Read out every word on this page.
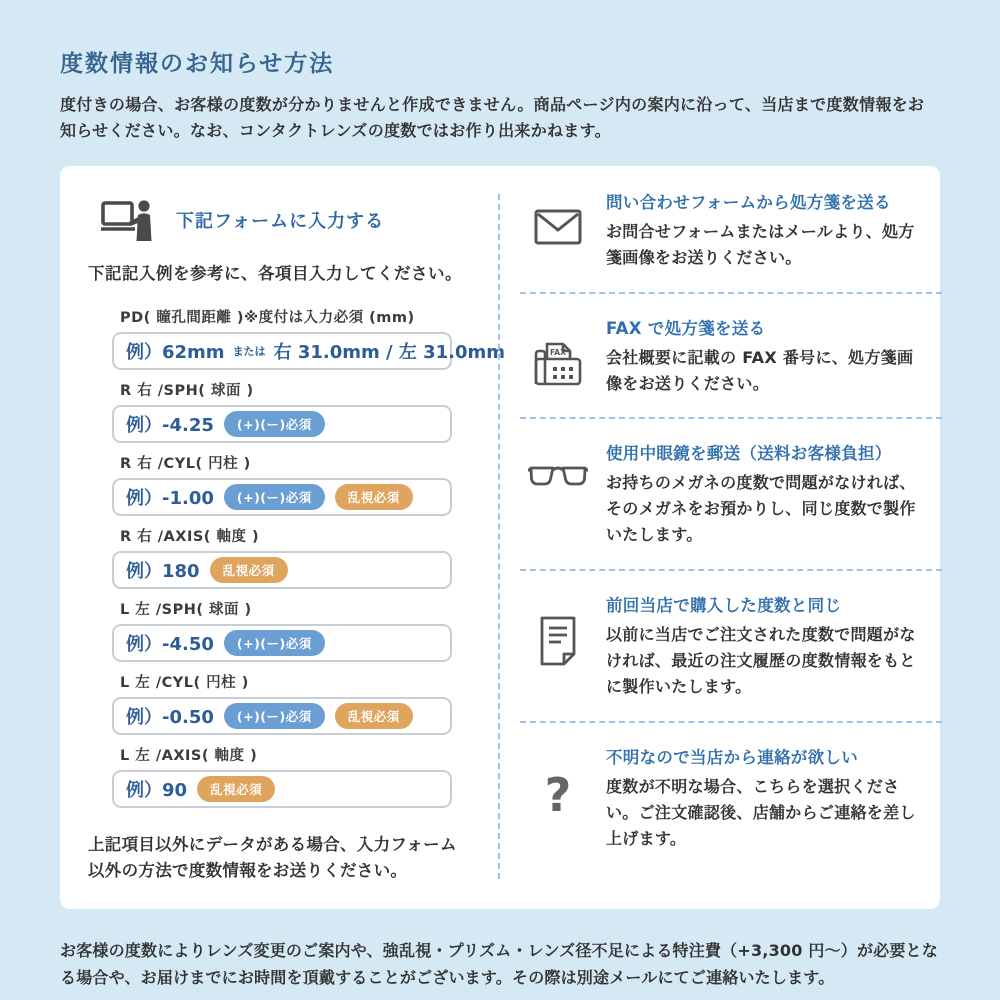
度数情報のお知らせ方法

度付きの場合、お客様の度数が分かりませんと作成できません。商品ページ内の案内に沿って、当店まで度数情報をお知らせください。なお、コンタクトレンズの度数ではお作り出来かねます。

下記フォームに入力する

下記記入例を参考に、各項目入力してください。

PD( 瞳孔間距離 )※度付は入力必須 (mm)
例）62mm または 右 31.0mm / 左 31.0mm
R 右 /SPH( 球面 )
例）-4.25	(+)(ー)必須
R 右 /CYL( 円柱 )
例）-1.00	(+)(ー)必須	乱視必須
R 右 /AXIS( 軸度 )
例）180	乱視必須
L 左 /SPH( 球面 )
例）-4.50	(+)(ー)必須
L 左 /CYL( 円柱 )
例）-0.50	(+)(ー)必須	乱視必須
L 左 /AXIS( 軸度 )
例）90	乱視必須

上記項目以外にデータがある場合、入力フォーム以外の方法で度数情報をお送りください。

問い合わせフォームから処方箋を送る
お問合せフォームまたはメールより、処方箋画像をお送りください。
FAX
FAX で処方箋を送る
会社概要に記載の FAX 番号に、処方箋画像をお送りください。
使用中眼鏡を郵送（送料お客様負担）
お持ちのメガネの度数で問題がなければ、そのメガネをお預かりし、同じ度数で製作いたします。
前回当店で購入した度数と同じ
以前に当店でご注文された度数で問題がなければ、最近の注文履歴の度数情報をもとに製作いたします。
?
不明なので当店から連絡が欲しい
度数が不明な場合、こちらを選択ください。ご注文確認後、店舗からご連絡を差し上げます。

お客様の度数によりレンズ変更のご案内や、強乱視・プリズム・レンズ径不足による特注費（+3,300 円～）が必要となる場合や、お届けまでにお時間を頂戴することがございます。その際は別途メールにてご連絡いたします。
